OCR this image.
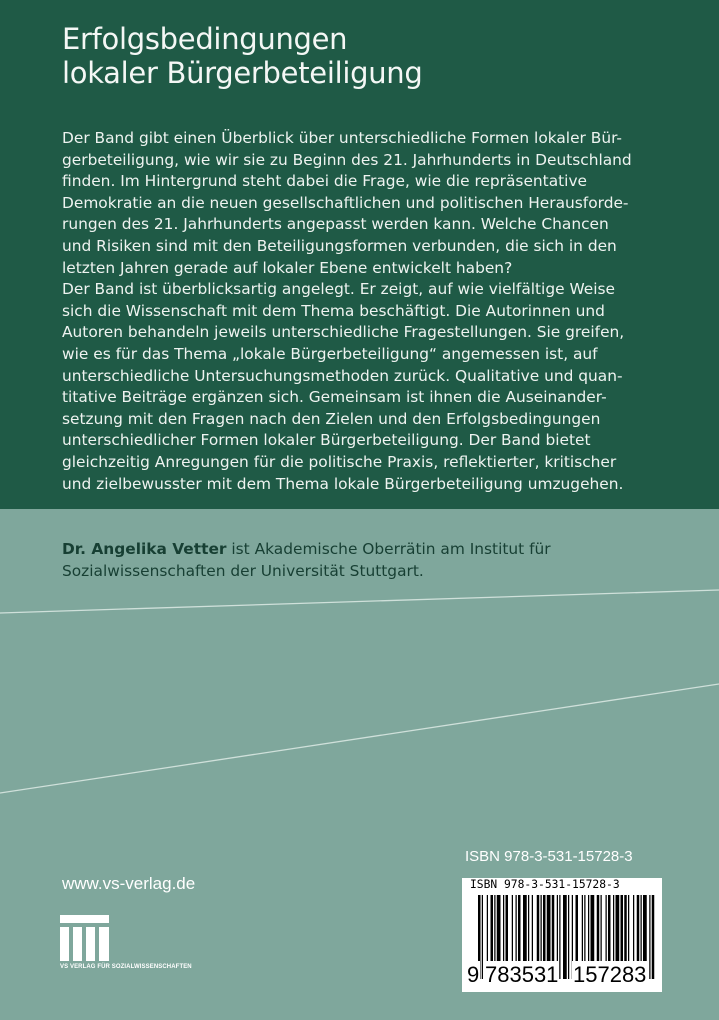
Erfolgsbedingungen
lokaler Bürgerbeteiligung

Der Band gibt einen Überblick über unterschiedliche Formen lokaler Bür-
gerbeteiligung, wie wir sie zu Beginn des 21. Jahrhunderts in Deutschland
finden. Im Hintergrund steht dabei die Frage, wie die repräsentative
Demokratie an die neuen gesellschaftlichen und politischen Herausforde-
rungen des 21. Jahrhunderts angepasst werden kann. Welche Chancen
und Risiken sind mit den Beteiligungsformen verbunden, die sich in den
letzten Jahren gerade auf lokaler Ebene entwickelt haben?
Der Band ist überblicksartig angelegt. Er zeigt, auf wie vielfältige Weise
sich die Wissenschaft mit dem Thema beschäftigt. Die Autorinnen und
Autoren behandeln jeweils unterschiedliche Fragestellungen. Sie greifen,
wie es für das Thema „lokale Bürgerbeteiligung“ angemessen ist, auf
unterschiedliche Untersuchungsmethoden zurück. Qualitative und quan-
titative Beiträge ergänzen sich. Gemeinsam ist ihnen die Auseinander-
setzung mit den Fragen nach den Zielen und den Erfolgsbedingungen
unterschiedlicher Formen lokaler Bürgerbeteiligung. Der Band bietet
gleichzeitig Anregungen für die politische Praxis, reflektierter, kritischer
und zielbewusster mit dem Thema lokale Bürgerbeteiligung umzugehen.

Dr. Angelika Vetter ist Akademische Oberrätin am Institut für
Sozialwissenschaften der Universität Stuttgart.

www.vs-verlag.de
VS VERLAG FÜR SOZIALWISSENSCHAFTEN
ISBN 978-3-531-15728-3
ISBN 978-3-531-15728-3
9 783531 157283
